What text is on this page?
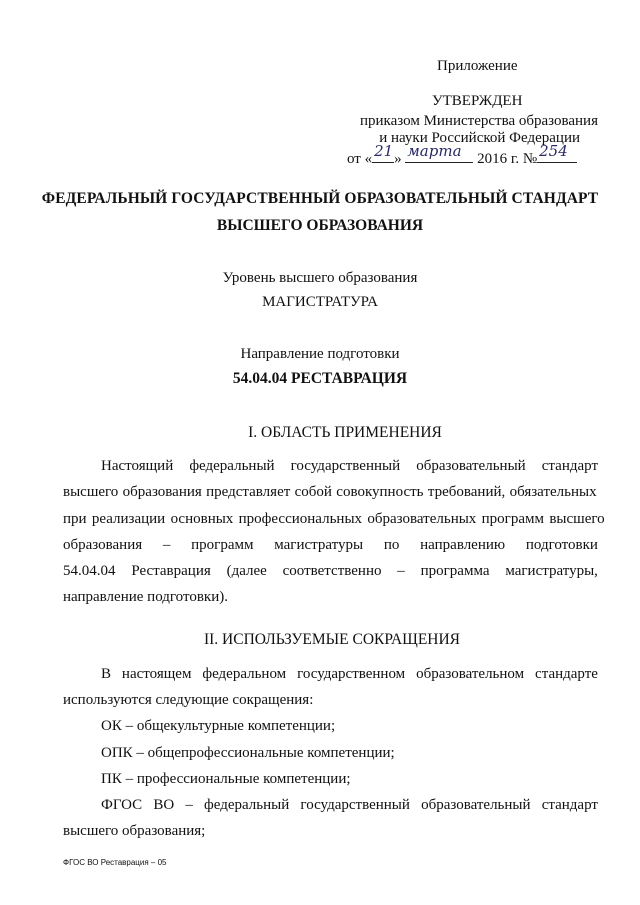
Приложение
УТВЕРЖДЕН
приказом Министерства образования
и науки Российской Федерации
от « 21 » марта 2016 г. № 254
ФЕДЕРАЛЬНЫЙ ГОСУДАРСТВЕННЫЙ ОБРАЗОВАТЕЛЬНЫЙ СТАНДАРТ
ВЫСШЕГО ОБРАЗОВАНИЯ
Уровень высшего образования
МАГИСТРАТУРА
Направление подготовки
54.04.04 РЕСТАВРАЦИЯ
I. ОБЛАСТЬ ПРИМЕНЕНИЯ
Настоящий федеральный государственный образовательный стандарт
высшего образования представляет собой совокупность требований, обязательных
при реализации основных профессиональных образовательных программ высшего
образования – программ магистратуры по направлению подготовки
54.04.04 Реставрация (далее соответственно – программа магистратуры,
направление подготовки).
II. ИСПОЛЬЗУЕМЫЕ СОКРАЩЕНИЯ
В настоящем федеральном государственном образовательном стандарте
используются следующие сокращения:
ОК – общекультурные компетенции;
ОПК – общепрофессиональные компетенции;
ПК – профессиональные компетенции;
ФГОС ВО – федеральный государственный образовательный стандарт
высшего образования;
ФГОС ВО Реставрация – 05
